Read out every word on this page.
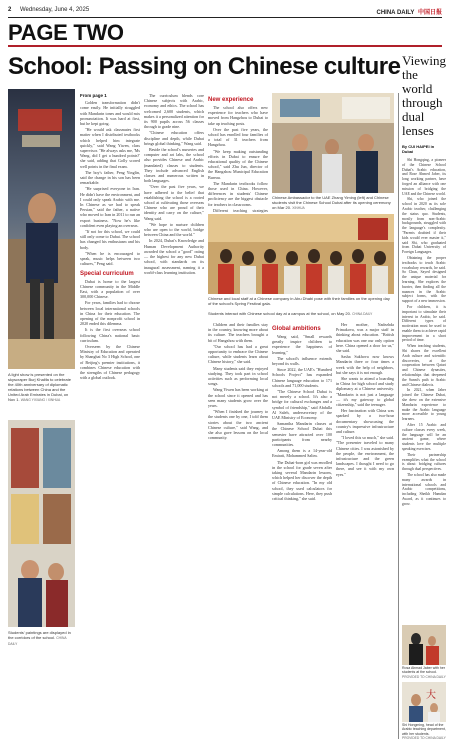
2 Wednesday, June 4, 2025	CHINA DAILY 中国日报
PAGE TWO
School: Passing on Chinese culture
A light show is presented on the skyscraper Burj Khalifa to celebrate the 40th anniversary of diplomatic relations between China and the United Arab Emirates in Dubai, on Nov 1. WANG YIXIANG / XINHUA
Students' paintings are displayed in the corridors of the school. CHINA DAILY

From page 1

Golden transformation didn't come easily. He initially struggled with Mandarin tones and would mix pronunciation. It was hard at first, but he kept going.

"He would ask classmates first matter when I distributed textbooks which helped him integrate quickly," said Wang Yiwen, class supervisor. "He always asks me, 'Ms Wang, did I get a hundred points?' she said, adding that Golly scored well points in the final exam.

The boy's father, Peng Yinglin, said the change in his son has been remarkable.

"He surprised everyone in Iran. He didn't have the environment, and I could only speak Arabic with me. In Chinese as we had to speak Persian," said the father, a native who moved to Iran in 2011 to run an export business. "Now he's like confident even playing an overseas.

"If not for this school, we could still only come to Dubai. The school has changed his enthusiasm and his body.

"When he is encouraged to speak, music helps between two cultures," Peng said.

Special curriculum

Dubai is home to the largest Chinese community in the Middle East, with a population of over 300,000 Chinese.

For years, families had to choose between local international schools in China for their education. The opening of the nonprofit school in 2020 ended this dilemma.

It is the first overseas school following China's national basic curriculum.

Overseen by the Chinese Ministry of Education and operated by Shanghai No 3 High School, one of Beijing's premier institutions, it combines Chinese education with the strengths of Chinese pedagogy with a global outlook.

The curriculum blends core Chinese subjects with Arabic, economy and ethics. The school has welcomed 2,600 students, which makes it a personalized attention for its 900 pupils across 56 classes through to grade nine.

"Chinese education offers discipline and depth, while Dubai brings global thinking," Wang said.

Beside the school's nurseries and computer and art labs, the school also provides Chinese and Arabic (mandated) classes to students. They include advanced English classes and numerous written in both languages.

"Over the past five years, we have adhered to the belief that establishing the school is a rooted school at cultivating those overseas Chinese who are proud of their identity and carry on the culture," Wang said.

"We hope to nurture children who are open to the world, bridge between China and the world."

In 2024, Dubai's Knowledge and Human Development Authority awarded the school a "good" rating — the highest for any new Dubai school, with standards on its inaugural assessment, naming it a world-class learning institution.

New experience

The school also offers new experience for teachers who have moved from Hangzhou to Dubai to take up teaching posts.

Over the past five years, the school has enrolled four families of a total of 31 teachers from Hangzhou.

"We keep making outstanding efforts in Dubai to ensure the educational quality of the Chinese school," said Zhu Jun, director of the Hangzhou Municipal Education Bureau.

The Mandarin textbooks follow those used in China. However, differences in students' Chinese proficiency are the biggest obstacle for teachers in classrooms.

Different teaching strategies

Chinese Ambassador to the UAE Zhang Yiming (left) and Chinese students visit the Chinese School Dubai after its opening ceremony on Mar 20. XINHUA
Chinese and local staff at a Chinese company in Abu Dhabi pose with their families on the opening day of the school's Spring Festival gala.
Students interact with Chinese school day at a campus at the school, on May 20. CHINA DAILY

Children and their families stay in the country, knowing more about its culture. The teachers brought a bit of Hangzhou with them.

"Our school has had a great opportunity to embrace the Chinese culture, while students learn about Chinese history," she said.

Many students said they enjoyed studying. They took part in school activities such as performing local songs.

Wang Yiwen has been working at the school since it opened and has seen many students grow over the years.

"When I finished the journey to the students one by one, I told them stories about the two ancient Chinese culture," said Wang, and she also gave lessons on the local community.

Global ambitions

Wang said, "Small rewards greatly inspire children to experience the happiness of learning."

The school's influence extends beyond its walls.

Since 2022, the UAE's "Hundred Schools Project" has expanded Chinese language education to 171 schools and 71,000 students.

"The Chinese School Dubai is not merely a school. It's also a bridge for cultural exchanges and a symbol of friendship," said Abdulla Al Saleh, undersecretary of the UAE Ministry of Economy.

Samantha Mandarin classes at the Chinese School Dubai this semester have attracted over 100 participants from nearby communities.

Among them is a 14-year-old Emirati, Mohammed Salim.

The Dubai-born girl was enrolled in the school for grade seven after taking several Mandarin lessons, which helped her discover the depth of Chinese education. "In my old school, they used calculators for simple calculations. Here, they push critical thinking," she said.

Viewing the world through dual lenses
By CUI HAIPEI in Dubai

Shi Hongqing, a pioneer of the Chinese School Dubai's Arabic education, and Rose Ahmed Jaber, its long working partner, have forged an alliance with one mission of bridging the UAE and the Chinese world.

Shi, who joined the school in 2020 as its sole Arabic teacher, challenging the status quo. Students, mostly from non-Arabic backgrounds, struggled with the language's complexity. "Parents doubted if their kids would ever master it," said Shi, who graduated from Dubai University of Foreign Languages.

Obtaining the proper textbooks to teach Arabic vocabulary rewards, he said. So Chun, Sayed designed the unique material for learning. She explores the barrier, then finding all the nuances in the Arabic subject forms, with the support of a new immersion.

For children, it is important to stimulate their interest in Arabic, he said. Different types of motivation must be used to enable them to achieve rapid improvement in a short period of time.

When teaching students, Shi shares the excellent Arab culture and scientific discoveries, at the cooperation between Qatari and Chinese dynasties, relationships that deepened the Sunni's path to Arabic and Chinese dialects.

In 2021, when Jaber joined the Chinese Dubai, she drew on the extensive Mandarin experience to make the Arabic language more accessible to young learners.

After 15 Arabic and culture classes every week, the language will be an ancient game, where students love the multiple speaking exercises.

Their partnership exemplifies what the school is about: bridging cultures through dual perspectives.

The school has also made many awards in international schools and Arabic competitions, including Sheikh Hamdan Award, as it continues to grow.

Her mother, Nadezhda Primakova, was a major staff in thinking about education. "British education was one our only option here. China opened a door for us," she said.

Sasha Sukhova now knows Mandarin three or four times a week with the help of neighbors, but she says it is not enough.

She wants to attend a boarding in China for high school and study diplomacy at a Chinese university. "Mandarin is not just a language — it's my gateway to global citizenship," said the teenager.

Her fascination with China was sparked by a two-hour documentary showcasing the country's impressive infrastructure and culture.

"I loved this so much," she said. "The presenter traveled to many Chinese cities. I was astonished by the people, the environment, the infrastructure and the green landscapes. I thought I need to go there, and see it with my own eyes."

Rosa Ahmad Jaber with her students at the school. PROVIDED TO CHINA DAILY
大
Shi Hongming, head of the Arabic teaching department, with her students. PROVIDED TO CHINA DAILY
